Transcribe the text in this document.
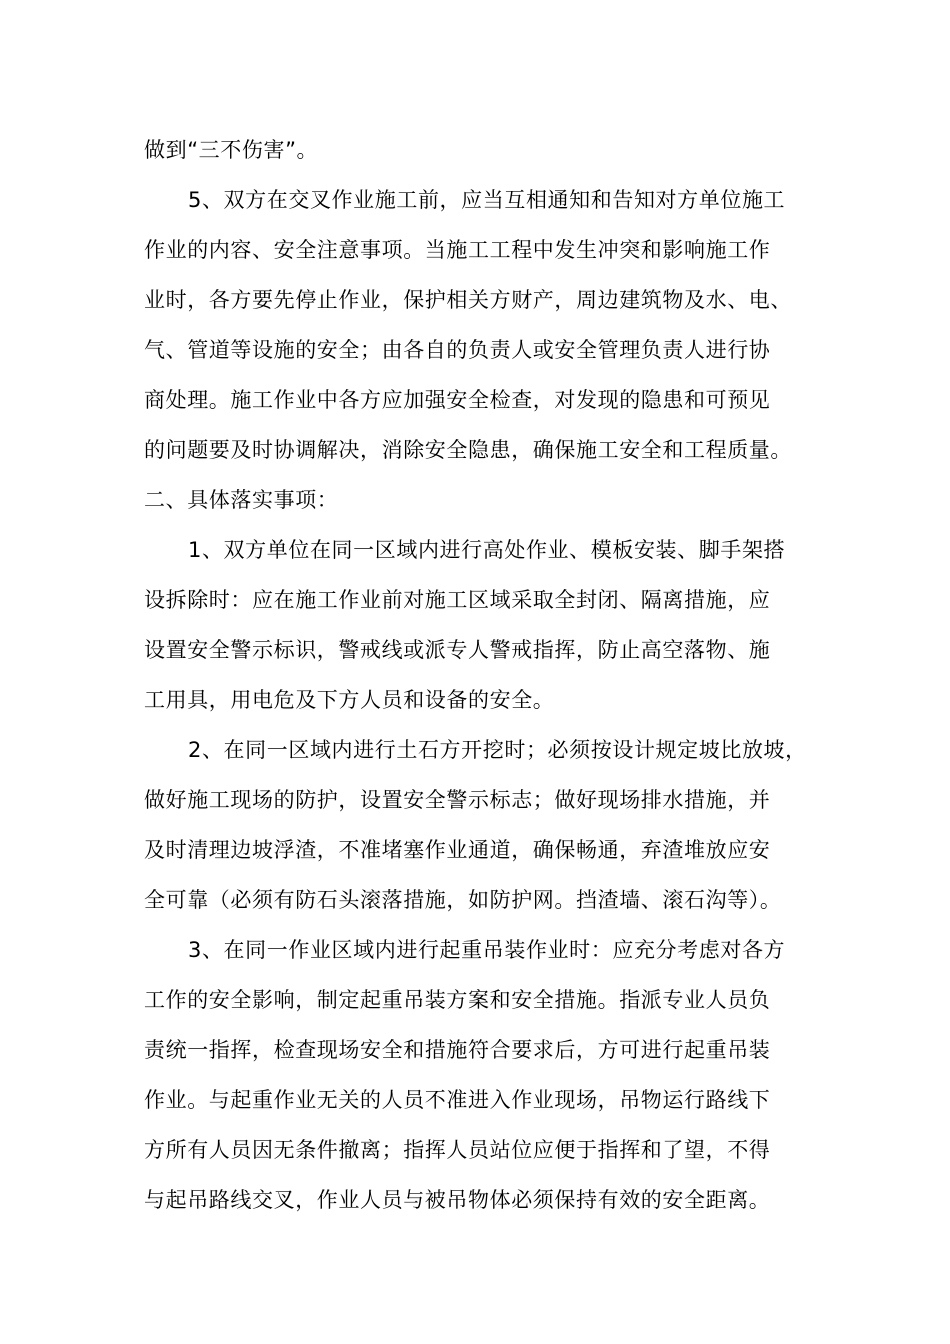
做到“三不伤害”。
5、双方在交叉作业施工前，应当互相通知和告知对方单位施工
作业的内容、安全注意事项。当施工工程中发生冲突和影响施工作
业时，各方要先停止作业，保护相关方财产，周边建筑物及水、电、
气、管道等设施的安全；由各自的负责人或安全管理负责人进行协
商处理。施工作业中各方应加强安全检查，对发现的隐患和可预见
的问题要及时协调解决，消除安全隐患，确保施工安全和工程质量。
二、具体落实事项：
1、双方单位在同一区域内进行高处作业、模板安装、脚手架搭
设拆除时：应在施工作业前对施工区域采取全封闭、隔离措施，应
设置安全警示标识，警戒线或派专人警戒指挥，防止高空落物、施
工用具，用电危及下方人员和设备的安全。
2、在同一区域内进行土石方开挖时；必须按设计规定坡比放坡，
做好施工现场的防护，设置安全警示标志；做好现场排水措施，并
及时清理边坡浮渣，不准堵塞作业通道，确保畅通，弃渣堆放应安
全可靠（必须有防石头滚落措施，如防护网。挡渣墙、滚石沟等）。
3、在同一作业区域内进行起重吊装作业时：应充分考虑对各方
工作的安全影响，制定起重吊装方案和安全措施。指派专业人员负
责统一指挥，检查现场安全和措施符合要求后，方可进行起重吊装
作业。与起重作业无关的人员不准进入作业现场，吊物运行路线下
方所有人员因无条件撤离；指挥人员站位应便于指挥和了望，不得
与起吊路线交叉，作业人员与被吊物体必须保持有效的安全距离。
